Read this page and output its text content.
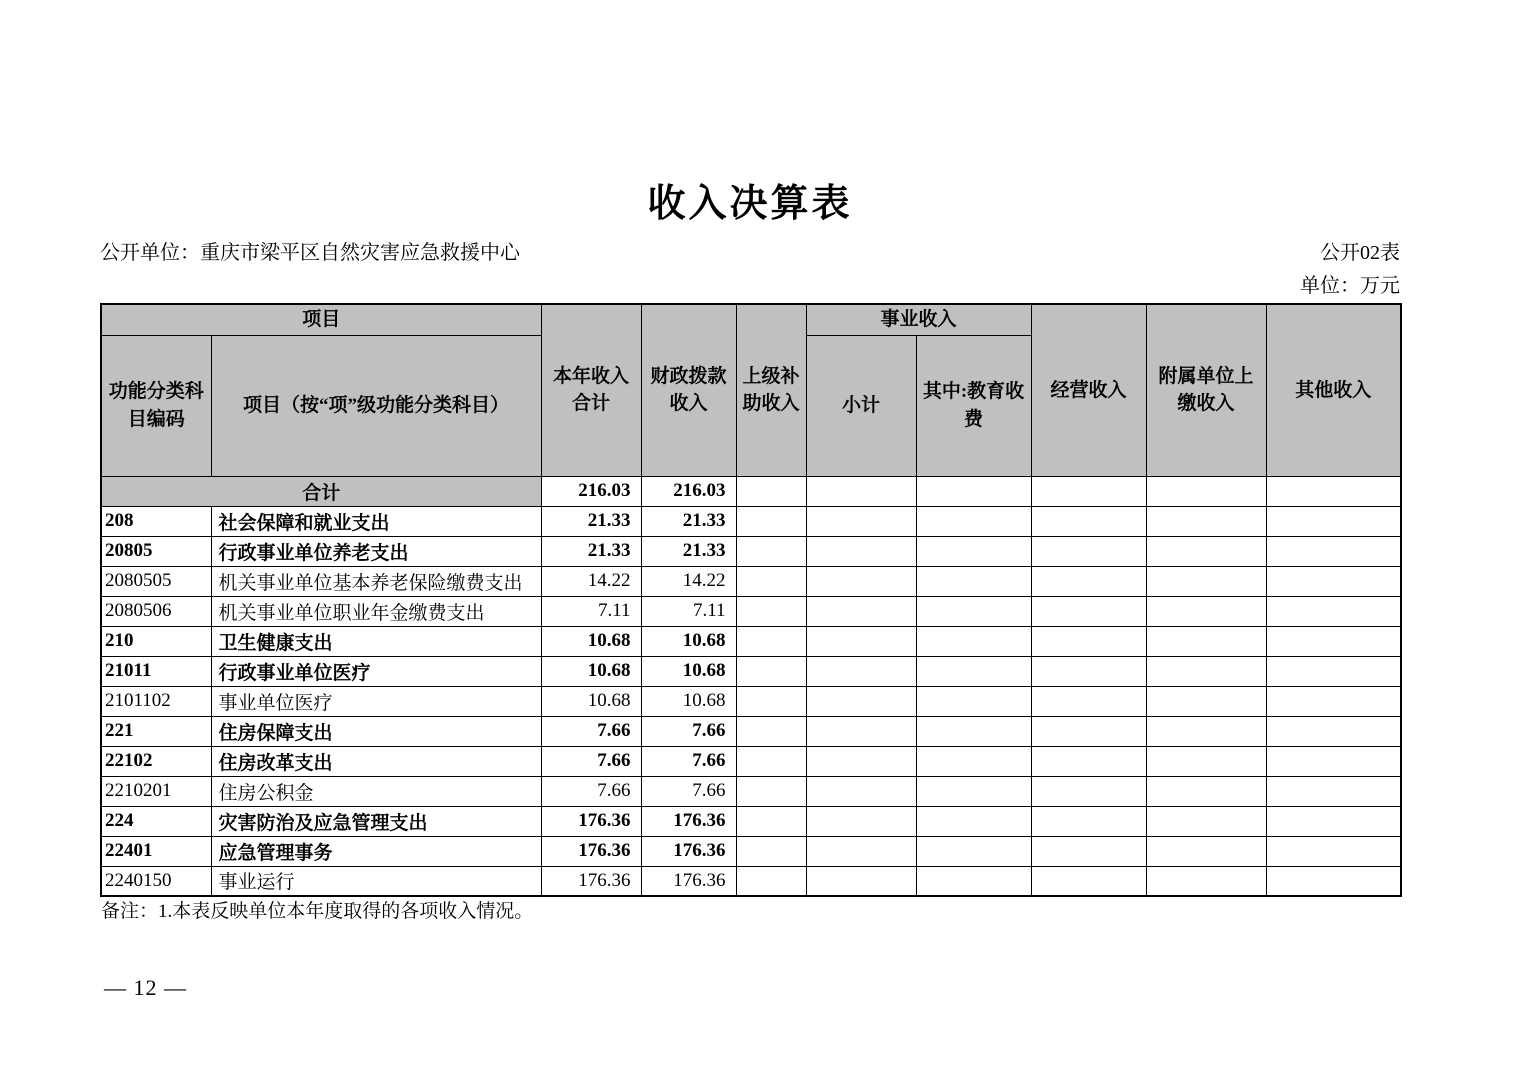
收入决算表
公开单位：重庆市梁平区自然灾害应急救援中心	公开02表
单位：万元
项目		本年收入合计	财政拨款收入	上级补助收入	事业收入		经营收入	附属单位上缴收入	其他收入
功能分类科目编码	项目（按“项”级功能分类科目）				小计	其中:教育收费			
合计		216.03	216.03						
208	社会保障和就业支出	21.33	21.33						
20805	行政事业单位养老支出	21.33	21.33						
2080505	机关事业单位基本养老保险缴费支出	14.22	14.22						
2080506	机关事业单位职业年金缴费支出	7.11	7.11						
210	卫生健康支出	10.68	10.68						
21011	行政事业单位医疗	10.68	10.68						
2101102	事业单位医疗	10.68	10.68						
221	住房保障支出	7.66	7.66						
22102	住房改革支出	7.66	7.66						
2210201	住房公积金	7.66	7.66						
224	灾害防治及应急管理支出	176.36	176.36						
22401	应急管理事务	176.36	176.36						
2240150	事业运行	176.36	176.36						
备注：1.本表反映单位本年度取得的各项收入情况。
— 12 —
